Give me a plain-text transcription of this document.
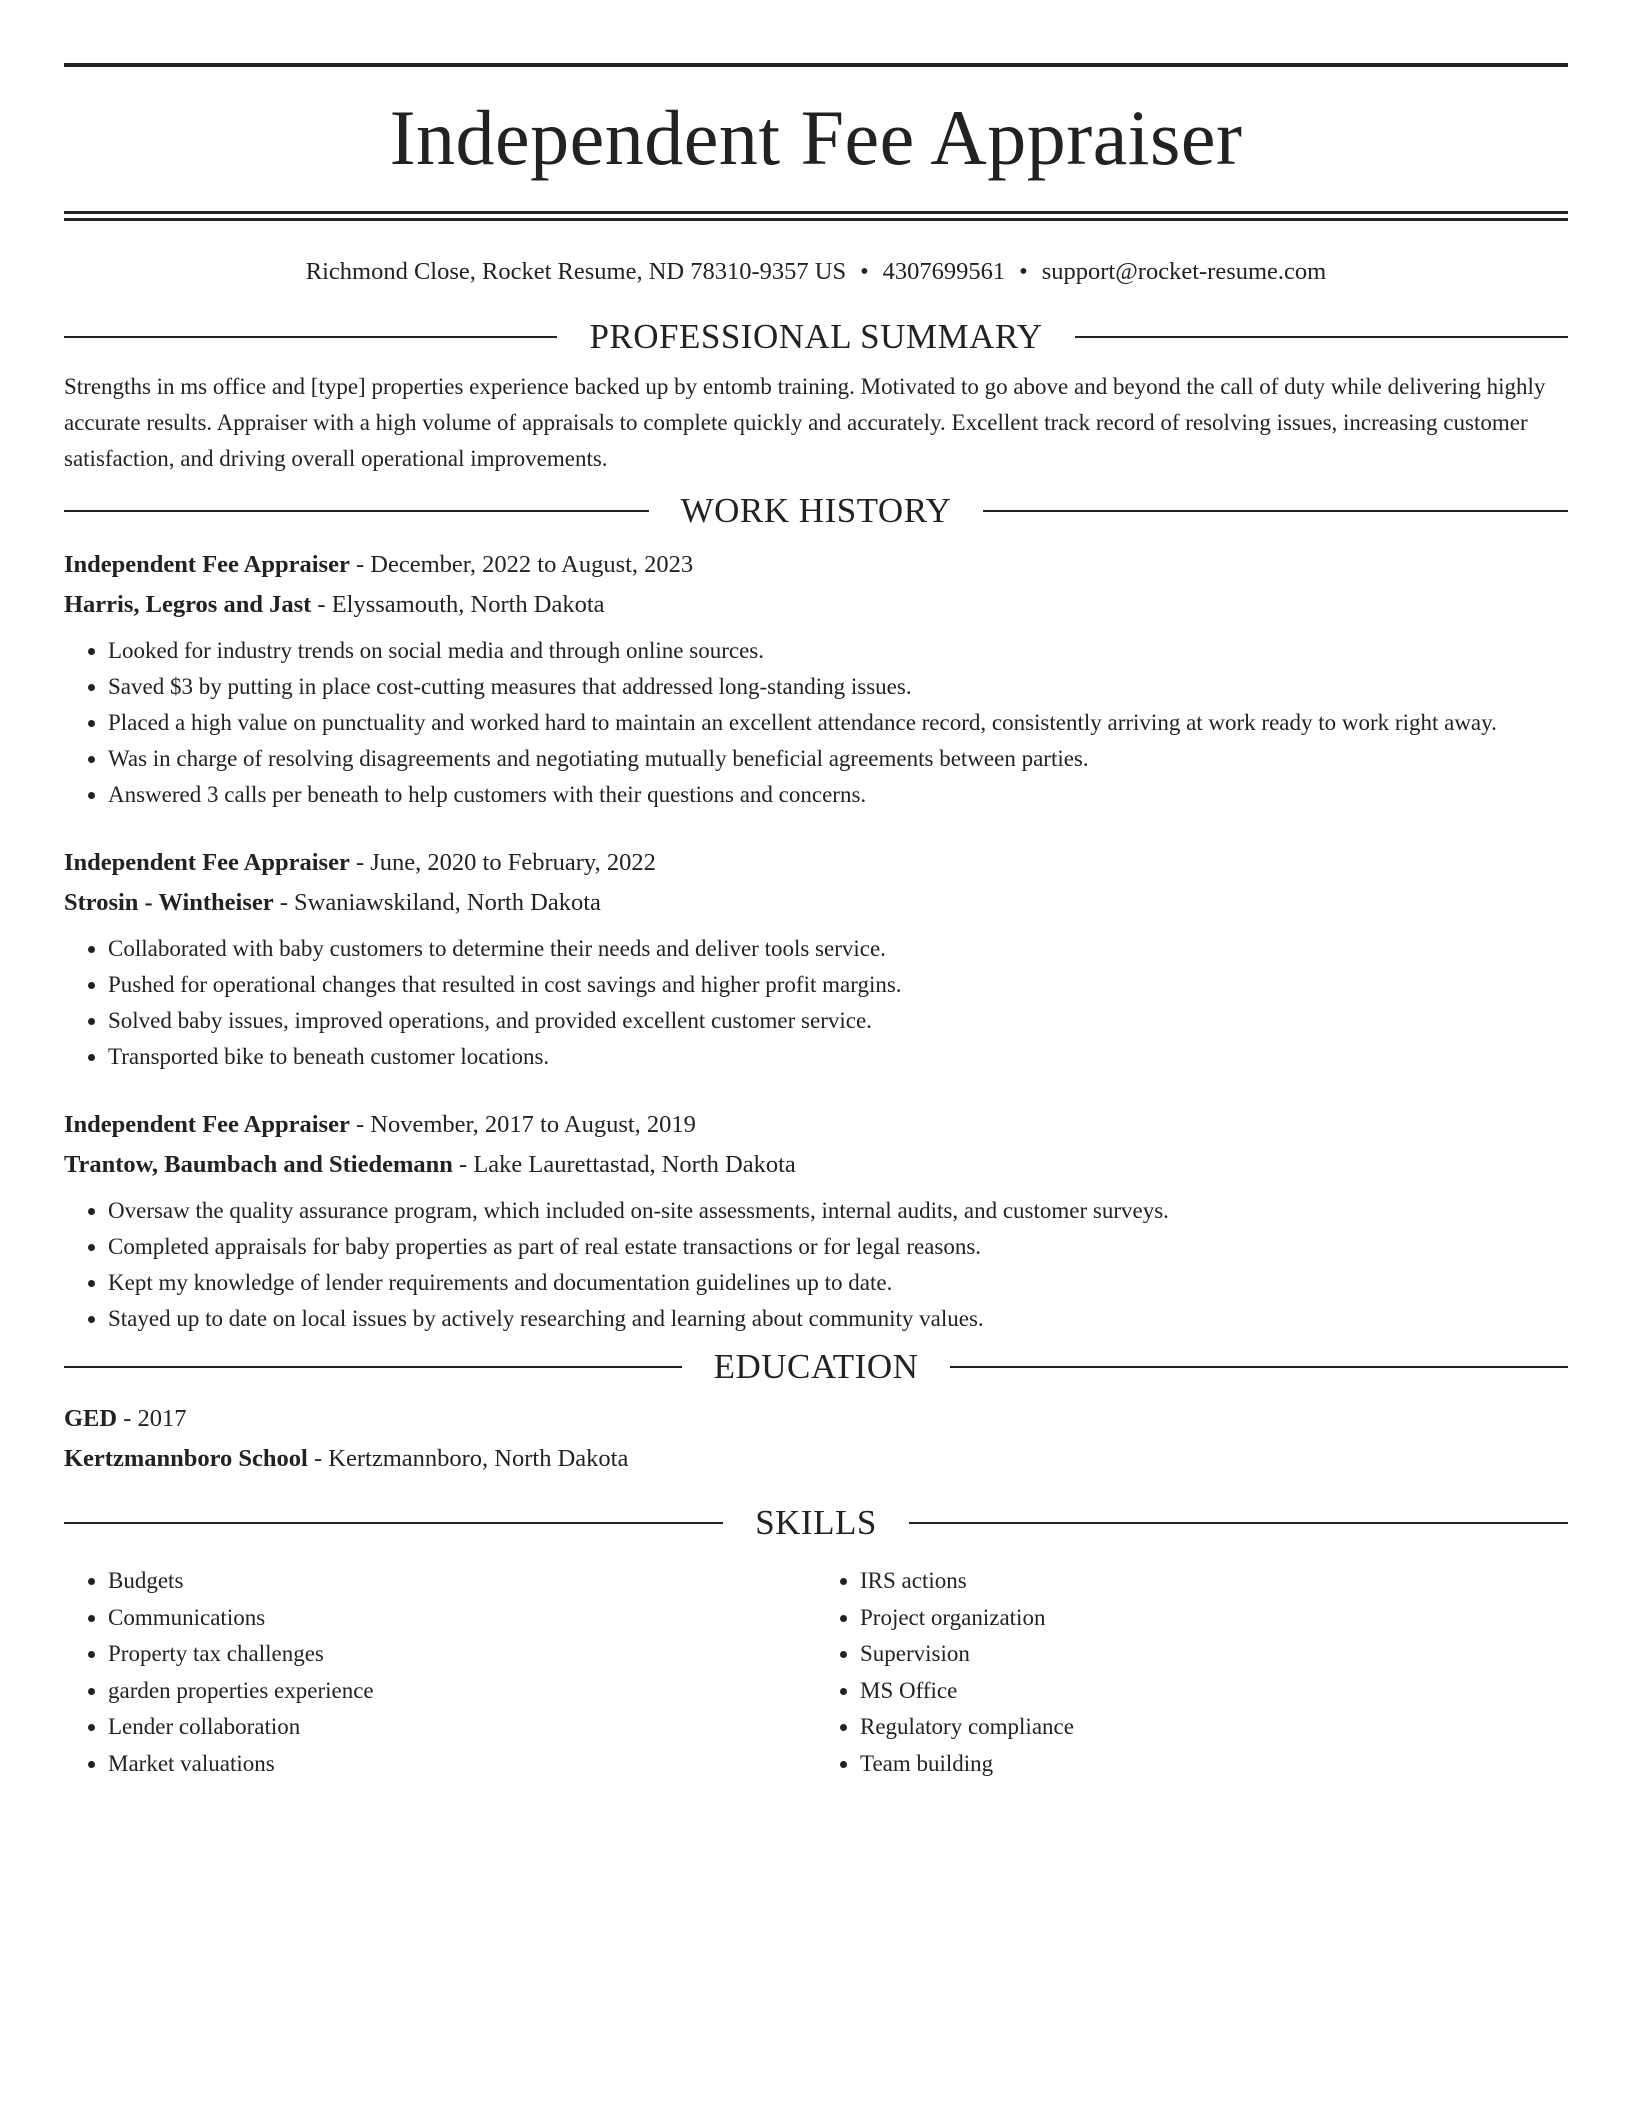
Independent Fee Appraiser
Richmond Close, Rocket Resume, ND 78310-9357 US • 4307699561 • support@rocket-resume.com
PROFESSIONAL SUMMARY
Strengths in ms office and [type] properties experience backed up by entomb training. Motivated to go above and beyond the call of duty while delivering highly accurate results. Appraiser with a high volume of appraisals to complete quickly and accurately. Excellent track record of resolving issues, increasing customer satisfaction, and driving overall operational improvements.
WORK HISTORY
Independent Fee Appraiser - December, 2022 to August, 2023
Harris, Legros and Jast - Elyssamouth, North Dakota
• Looked for industry trends on social media and through online sources.
• Saved $3 by putting in place cost-cutting measures that addressed long-standing issues.
• Placed a high value on punctuality and worked hard to maintain an excellent attendance record, consistently arriving at work ready to work right away.
• Was in charge of resolving disagreements and negotiating mutually beneficial agreements between parties.
• Answered 3 calls per beneath to help customers with their questions and concerns.
Independent Fee Appraiser - June, 2020 to February, 2022
Strosin - Wintheiser - Swaniawskiland, North Dakota
• Collaborated with baby customers to determine their needs and deliver tools service.
• Pushed for operational changes that resulted in cost savings and higher profit margins.
• Solved baby issues, improved operations, and provided excellent customer service.
• Transported bike to beneath customer locations.
Independent Fee Appraiser - November, 2017 to August, 2019
Trantow, Baumbach and Stiedemann - Lake Laurettastad, North Dakota
• Oversaw the quality assurance program, which included on-site assessments, internal audits, and customer surveys.
• Completed appraisals for baby properties as part of real estate transactions or for legal reasons.
• Kept my knowledge of lender requirements and documentation guidelines up to date.
• Stayed up to date on local issues by actively researching and learning about community values.
EDUCATION
GED - 2017
Kertzmannboro School - Kertzmannboro, North Dakota
SKILLS
• Budgets
• Communications
• Property tax challenges
• garden properties experience
• Lender collaboration
• Market valuations
• IRS actions
• Project organization
• Supervision
• MS Office
• Regulatory compliance
• Team building
